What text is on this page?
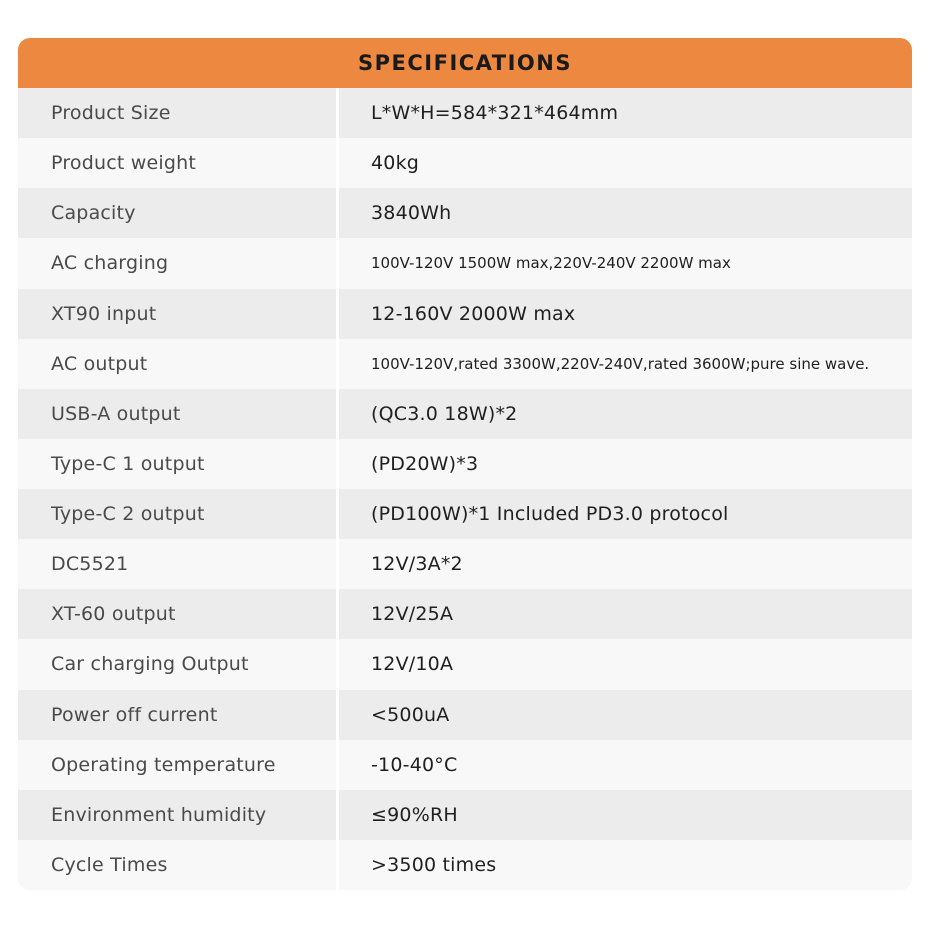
SPECIFICATIONS
Product Size	L*W*H=584*321*464mm
Product weight	40kg
Capacity	3840Wh
AC charging	100V-120V 1500W max,220V-240V 2200W max
XT90 input	12-160V 2000W max
AC output	100V-120V,rated 3300W,220V-240V,rated 3600W;pure sine wave.
USB-A output	(QC3.0 18W)*2
Type-C 1 output	(PD20W)*3
Type-C 2 output	(PD100W)*1 Included PD3.0 protocol
DC5521	12V/3A*2
XT-60 output	12V/25A
Car charging Output	12V/10A
Power off current	<500uA
Operating temperature	-10-40°C
Environment humidity	≤90%RH
Cycle Times	>3500 times
